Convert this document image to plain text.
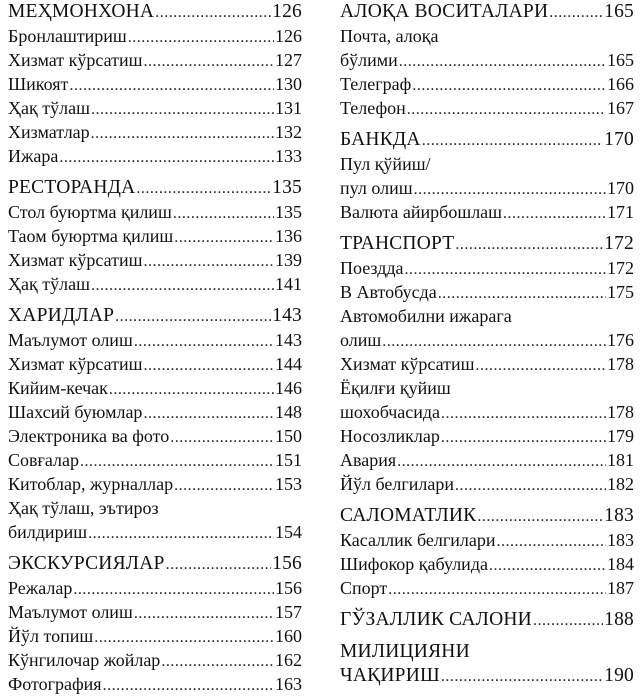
МЕҲМОНХОНА .....	126
Бронлаштириш .....	126
Хизмат кўрсатиш .....	127
Шикоят .....	130
Ҳақ тўлаш .....	131
Хизматлар .....	132
Ижара .....	133
РЕСТОРАНДА .....	135
Стол буюртма қилиш .....	135
Таом буюртма қилиш .....	136
Хизмат кўрсатиш .....	139
Ҳақ тўлаш .....	141
ХАРИДЛАР .....	143
Маълумот олиш .....	143
Хизмат кўрсатиш .....	144
Кийим-кечак .....	146
Шахсий буюмлар .....	148
Электроника ва фото .....	150
Совғалар .....	151
Китоблар, журналлар .....	153
Ҳақ тўлаш, эътироз
билдириш .....	154
ЭКСКУРСИЯЛАР .....	156
Режалар .....	156
Маълумот олиш .....	157
Йўл топиш .....	160
Кўнгилочар жойлар .....	162
Фотография .....	163
АЛОҚА ВОСИТАЛАРИ .....	165
Почта, алоқа
бўлими .....	165
Телеграф .....	166
Телефон .....	167
БАНКДА .....	170
Пул қўйиш/
пул олиш .....	170
Валюта айирбошлаш .....	171
ТРАНСПОРТ .....	172
Поездда .....	172
В Автобусда .....	175
Автомобилни ижарага
олиш .....	176
Хизмат кўрсатиш .....	178
Ёқилғи қуйиш
шохобчасида .....	178
Носозликлар .....	179
Авария .....	181
Йўл белгилари .....	182
САЛОМАТЛИК .....	183
Касаллик белгилари .....	183
Шифокор қабулида .....	184
Спорт .....	187
ГЎЗАЛЛИК САЛОНИ .....	188
МИЛИЦИЯНИ
ЧАҚИРИШ .....	190
